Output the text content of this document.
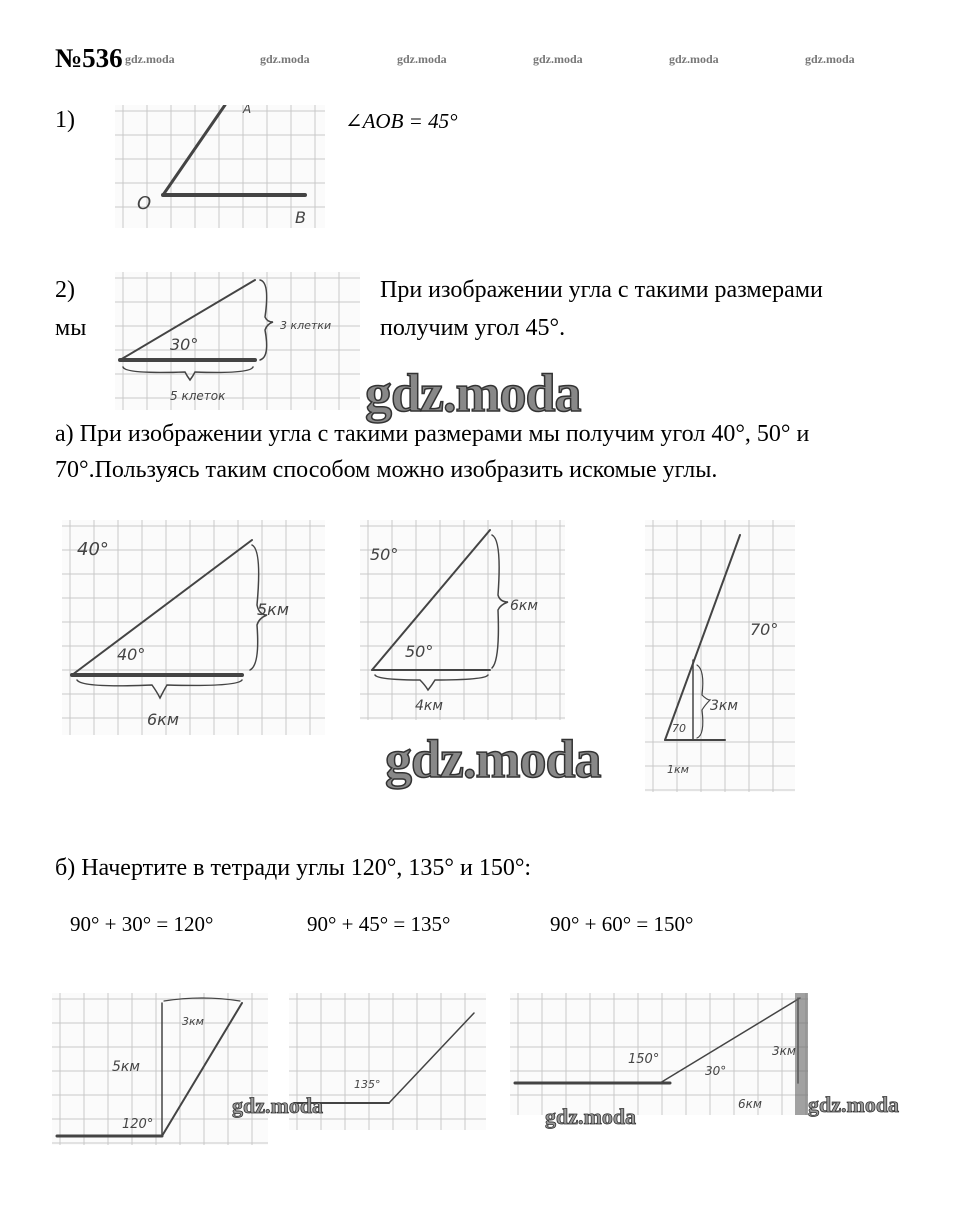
№536 gdz.moda	gdz.moda	gdz.moda	gdz.moda	gdz.moda	gdz.moda
1)
O
B
A	∠AOB = 45°
2)
мы
30°
3 клетки
5 клеток
При изображении угла с такими размерами
получим угол 45°.
gdz.moda
а) При изображении угла с такими размерами мы получим угол 40°, 50° и
70°.Пользуясь таким способом можно изобразить искомые углы.
40°
40°
5км
6км
50°
50°
6км
4км
70°
70
3км
1км
gdz.moda
б) Начертите в тетради углы 120°, 135° и 150°:
90° + 30° = 120°	90° + 45° = 135°	90° + 60° = 150°
3км
5км
120°
135°
150°
30°
3км
6км
gdz.moda	gdz.moda	gdz.moda
